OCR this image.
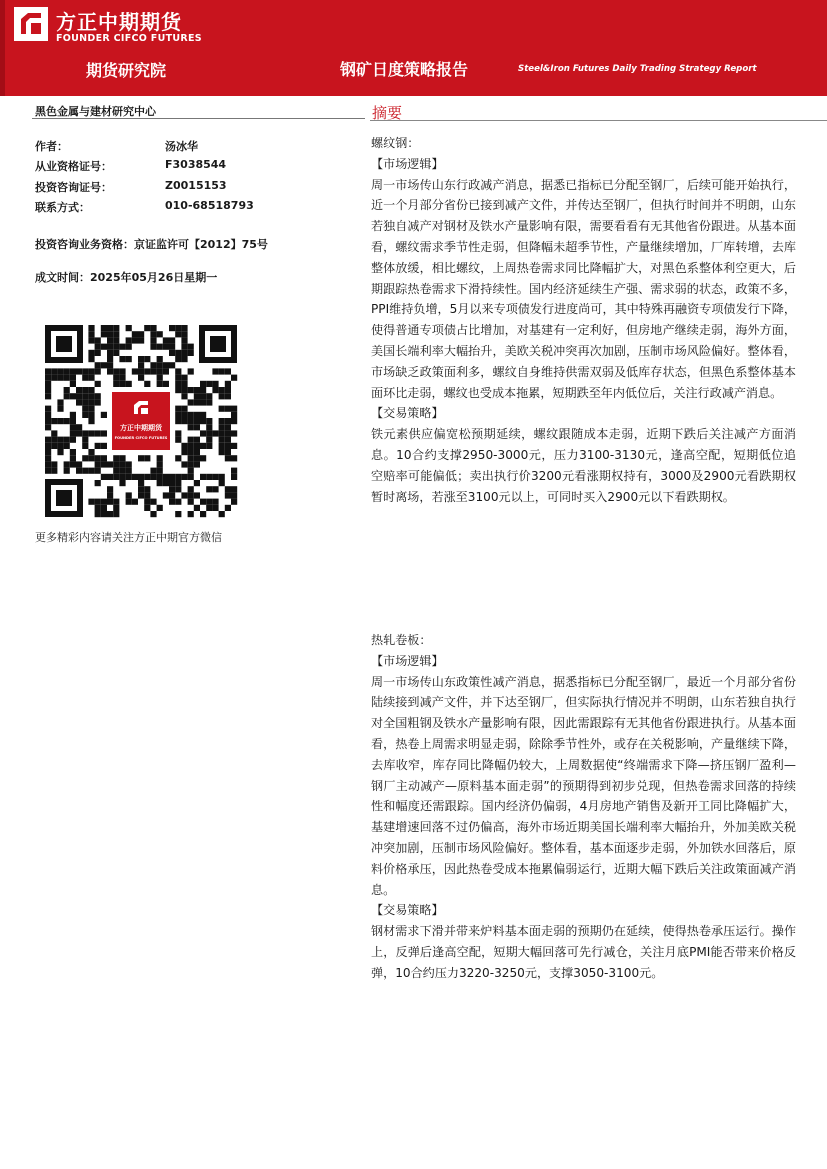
方正中期期货
FOUNDER CIFCO FUTURES
期货研究院	钢矿日度策略报告	Steel&Iron Futures Daily Trading Strategy Report
黑色金属与建材研究中心
作者：	汤冰华
从业资格证号：	F3038544
投资咨询证号：	Z0015153
联系方式：	010-68518793
投资咨询业务资格：京证监许可【2012】75号
成文时间：2025年05月26日星期一
方正中期期货
FOUNDER CIFCO FUTURES
更多精彩内容请关注方正中期官方微信
摘要

螺纹钢：

【市场逻辑】

周一市场传山东行政减产消息，据悉已指标已分配至钢厂，后续可能开始执行，近一个月部分省份已接到减产文件，并传达至钢厂，但执行时间并不明朗，山东若独自减产对钢材及铁水产量影响有限，需要看看有无其他省份跟进。从基本面看，螺纹需求季节性走弱，但降幅未超季节性，产量继续增加，厂库转增，去库整体放缓，相比螺纹，上周热卷需求同比降幅扩大，对黑色系整体利空更大，后期跟踪热卷需求下滑持续性。国内经济延续生产强、需求弱的状态，政策不多，PPI维持负增，5月以来专项债发行进度尚可，其中特殊再融资专项债发行下降，使得普通专项债占比增加，对基建有一定利好，但房地产继续走弱，海外方面，美国长端利率大幅抬升，美欧关税冲突再次加剧，压制市场风险偏好。整体看，市场缺乏政策面利多，螺纹自身维持供需双弱及低库存状态，但黑色系整体基本面环比走弱，螺纹也受成本拖累，短期跌至年内低位后，关注行政减产消息。

【交易策略】

铁元素供应偏宽松预期延续，螺纹跟随成本走弱，近期下跌后关注减产方面消息。10合约支撑2950-3000元，压力3100-3130元，逢高空配，短期低位追空赔率可能偏低；卖出执行价3200元看涨期权持有，3000及2900元看跌期权暂时离场，若涨至3100元以上，可同时买入2900元以下看跌期权。

热轧卷板：

【市场逻辑】

周一市场传山东政策性减产消息，据悉指标已分配至钢厂，最近一个月部分省份陆续接到减产文件，并下达至钢厂，但实际执行情况并不明朗，山东若独自执行对全国粗钢及铁水产量影响有限，因此需跟踪有无其他省份跟进执行。从基本面看，热卷上周需求明显走弱，除除季节性外，或存在关税影响，产量继续下降，去库收窄，库存同比降幅仍较大，上周数据使“终端需求下降—挤压钢厂盈利—钢厂主动减产—原料基本面走弱”的预期得到初步兑现，但热卷需求回落的持续性和幅度还需跟踪。国内经济仍偏弱，4月房地产销售及新开工同比降幅扩大，基建增速回落不过仍偏高，海外市场近期美国长端利率大幅抬升，外加美欧关税冲突加剧，压制市场风险偏好。整体看，基本面逐步走弱，外加铁水回落后，原料价格承压，因此热卷受成本拖累偏弱运行，近期大幅下跌后关注政策面减产消息。

【交易策略】

钢材需求下滑并带来炉料基本面走弱的预期仍在延续，使得热卷承压运行。操作上，反弹后逢高空配，短期大幅回落可先行减仓，关注月底PMI能否带来价格反弹，10合约压力3220-3250元，支撑3050-3100元。
